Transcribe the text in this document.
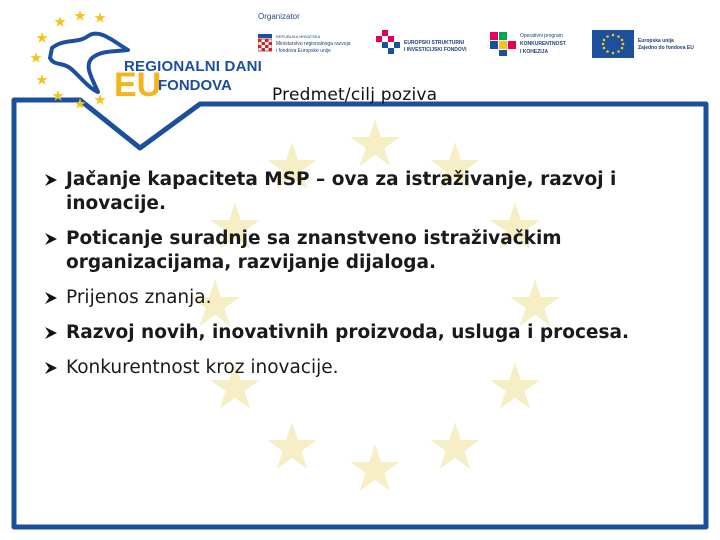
REGIONALNI DANI
EU
FONDOVA
Organizator
REPUBLIKA HRVATSKA
Ministarstvo regionalnoga razvoja
i fondova Europske unije
EUROPSKI STRUKTURNI
I INVESTICIJSKI FONDOVI
Operativni program
KONKURENTNOST
I KOHEZIJA
Europska unija
Zajedno do fondova EU
Predmet/cilj poziva
Jačanje kapaciteta MSP – ova za istraživanje, razvoj i inovacije.
Poticanje suradnje sa znanstveno istraživačkim organizacijama, razvijanje dijaloga.
Prijenos znanja.
Razvoj novih, inovativnih proizvoda, usluga i procesa.
Konkurentnost kroz inovacije.
